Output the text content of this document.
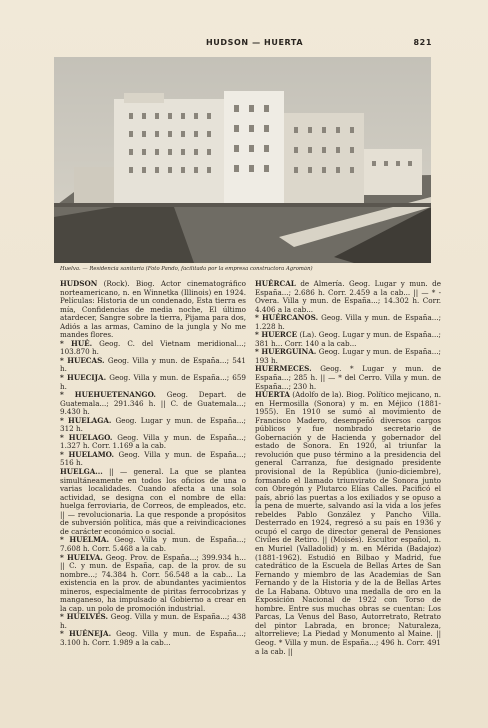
HUDSON — HUERTA	821
Huelva. — Residencia sanitaria (Foto Pando, facilitada por la empresa constructora Agromán)

HUDSON (Rock). Biog. Actor cinematográfico norteamericano, n. en Winnetka (Illinois) en 1924. Películas: Historia de un condenado, Esta tierra es mía, Confidencias de media noche, El último atardecer, Sangre sobre la tierra, Pijama para dos, Adiós a las armas, Camino de la jungla y No me mandes flores.

* HUÉ. Geog. C. del Vietnam meridional...; 103.870 h.

* HUECAS. Geog. Villa y mun. de España...; 541 h.

* HUECIJA. Geog. Villa y mun. de España...; 659 h.

* HUEHUETENANGO. Geog. Depart. de Guatemala...; 291.346 h. || C. de Guatemala...; 9.430 h.

* HUELAGA. Geog. Lugar y mun. de España...; 312 h.

* HUELAGO. Geog. Villa y mun. de España...; 1.327 h. Corr. 1.169 a la cab.

* HUELAMO. Geog. Villa y mun. de España...; 516 h.

HUELGA... || — general. La que se plantea simultáneamente en todos los oficios de una o varias localidades. Cuando afecta a una sola actividad, se designa con el nombre de ella: huelga ferroviaria, de Correos, de empleados, etc. || — revolucionaria. La que responde a propósitos de subversión política, más que a reivindicaciones de carácter económico o social.

* HUELMA. Geog. Villa y mun. de España...; 7.608 h. Corr. 5.468 a la cab.

* HUELVA. Geog. Prov. de España...; 399.934 h... || C. y mun. de España, cap. de la prov. de su nombre...; 74.384 h. Corr. 56.548 a la cab... La existencia en la prov. de abundantes yacimientos mineros, especialmente de piritas ferrocobrizas y manganeso, ha impulsado al Gobierno a crear en la cap. un polo de promoción industrial.

* HUELVES. Geog. Villa y mun. de España...; 438 h.

* HUÉNEJA. Geog. Villa y mun. de España...; 3.100 h. Corr. 1.989 a la cab...

HUÉRCAL de Almería. Geog. Lugar y mun. de España...; 2.686 h. Corr. 2.459 a la cab... || — * -Overa. Villa y mun. de España...; 14.302 h. Corr. 4.406 a la cab...

* HUÉRCANOS. Geog. Villa y mun. de España...; 1.228 h.

* HUERCE (La). Geog. Lugar y mun. de España...; 381 h... Corr. 140 a la cab...

* HUERGUINA. Geog. Lugar y mun. de España...; 193 h.

HUERMECES. Geog. * Lugar y mun. de España...; 285 h. || — * del Cerro. Villa y mun. de España...; 230 h.

HUERTA (Adolfo de la). Biog. Político mejicano, n. en Hermosilla (Sonora) y m. en Méjico (1881-1955). En 1910 se sumó al movimiento de Francisco Madero, desempeñó diversos cargos públicos y fue nombrado secretario de Gobernación y de Hacienda y gobernador del estado de Sonora. En 1920, al triunfar la revolución que puso término a la presidencia del general Carranza, fue designado presidente provisional de la República (junio-diciembre), formando el llamado triunvirato de Sonora junto con Obregón y Plutarco Elías Calles. Pacificó el país, abrió las puertas a los exiliados y se opuso a la pena de muerte, salvando así la vida a los jefes rebeldes Pablo González y Pancho Villa. Desterrado en 1924, regresó a su país en 1936 y ocupó el cargo de director general de Pensiones Civiles de Retiro. || (Moisés). Escultor español, n. en Muriel (Valladolid) y m. en Mérida (Badajoz) (1881-1962). Estudió en Bilbao y Madrid, fue catedrático de la Escuela de Bellas Artes de San Fernando y miembro de las Academias de San Fernando y de la Historia y de la de Bellas Artes de La Habana. Obtuvo una medalla de oro en la Exposición Nacional de 1922 con Torso de hombre. Entre sus muchas obras se cuentan: Los Parcas, La Venus del Baso, Autorretrato, Retrato del pintor Labrada, en bronce; Naturaleza, altorrelieve; La Piedad y Monumento al Maine. || Geog. * Villa y mun. de España...; 496 h. Corr. 491 a la cab. ||
